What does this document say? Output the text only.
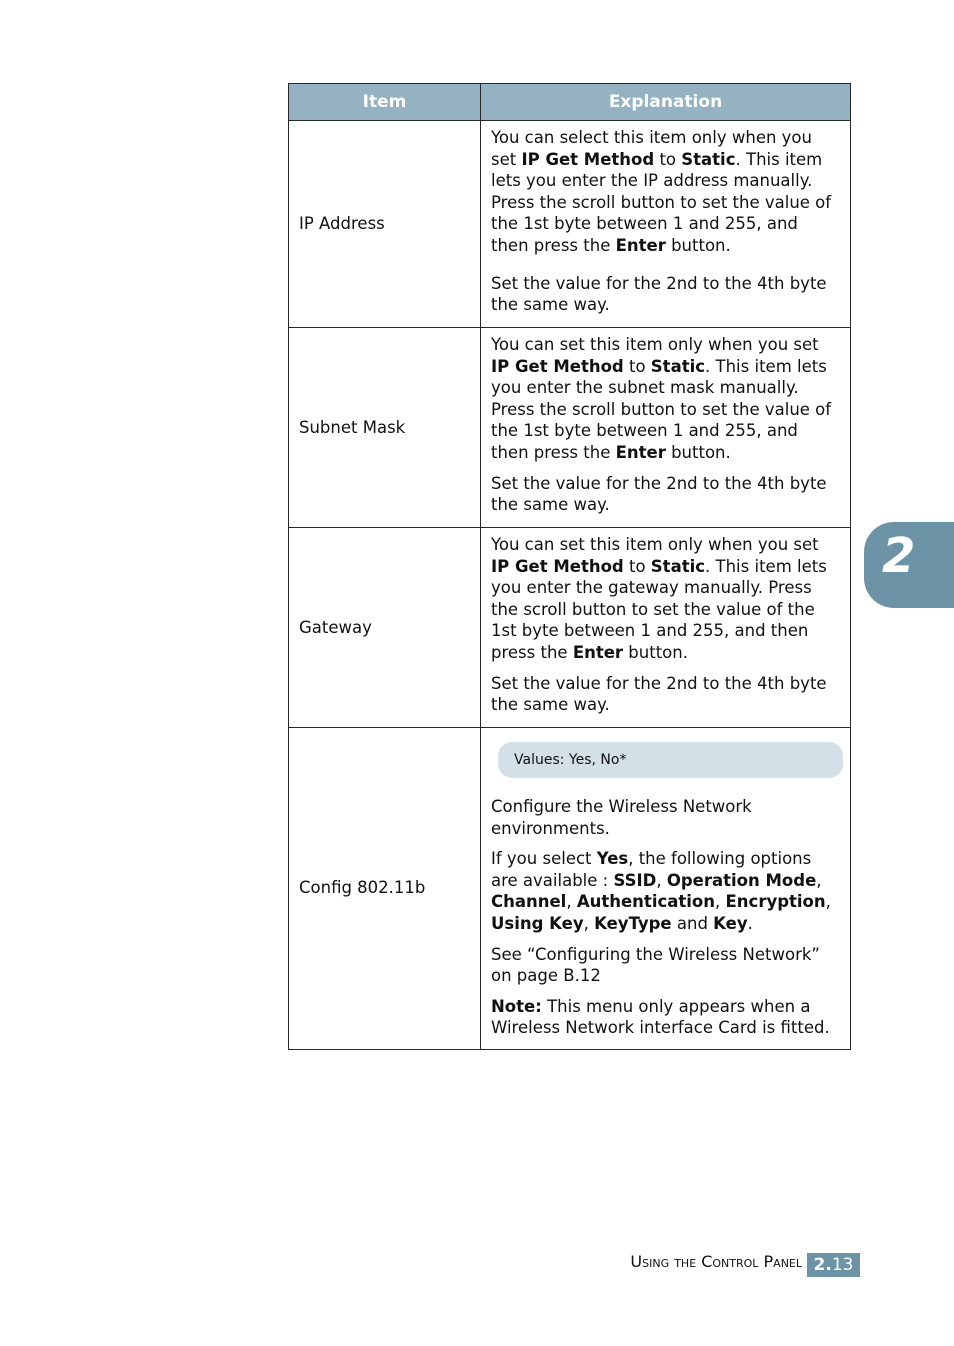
Item	Explanation
IP Address	You can select this item only when you set IP Get Method to Static. This item lets you enter the IP address manually. Press the scroll button to set the value of the 1st byte between 1 and 255, and then press the Enter button.

Set the value for the 2nd to the 4th byte the same way.

Subnet Mask	You can set this item only when you set IP Get Method to Static. This item lets you enter the subnet mask manually. Press the scroll button to set the value of the 1st byte between 1 and 255, and then press the Enter button.

Set the value for the 2nd to the 4th byte the same way.

Gateway	You can set this item only when you set IP Get Method to Static. This item lets you enter the gateway manually. Press the scroll button to set the value of the 1st byte between 1 and 255, and then press the Enter button.

Set the value for the 2nd to the 4th byte the same way.

Config 802.11b	Values: Yes, No*

Configure the Wireless Network environments.

If you select Yes, the following options are available : SSID, Operation Mode, Channel, Authentication, Encryption, Using Key, KeyType and Key.

See “Configuring the Wireless Network” on page B.12

Note: This menu only appears when a Wireless Network interface Card is fitted.

2
Using the Control Panel 2.13
